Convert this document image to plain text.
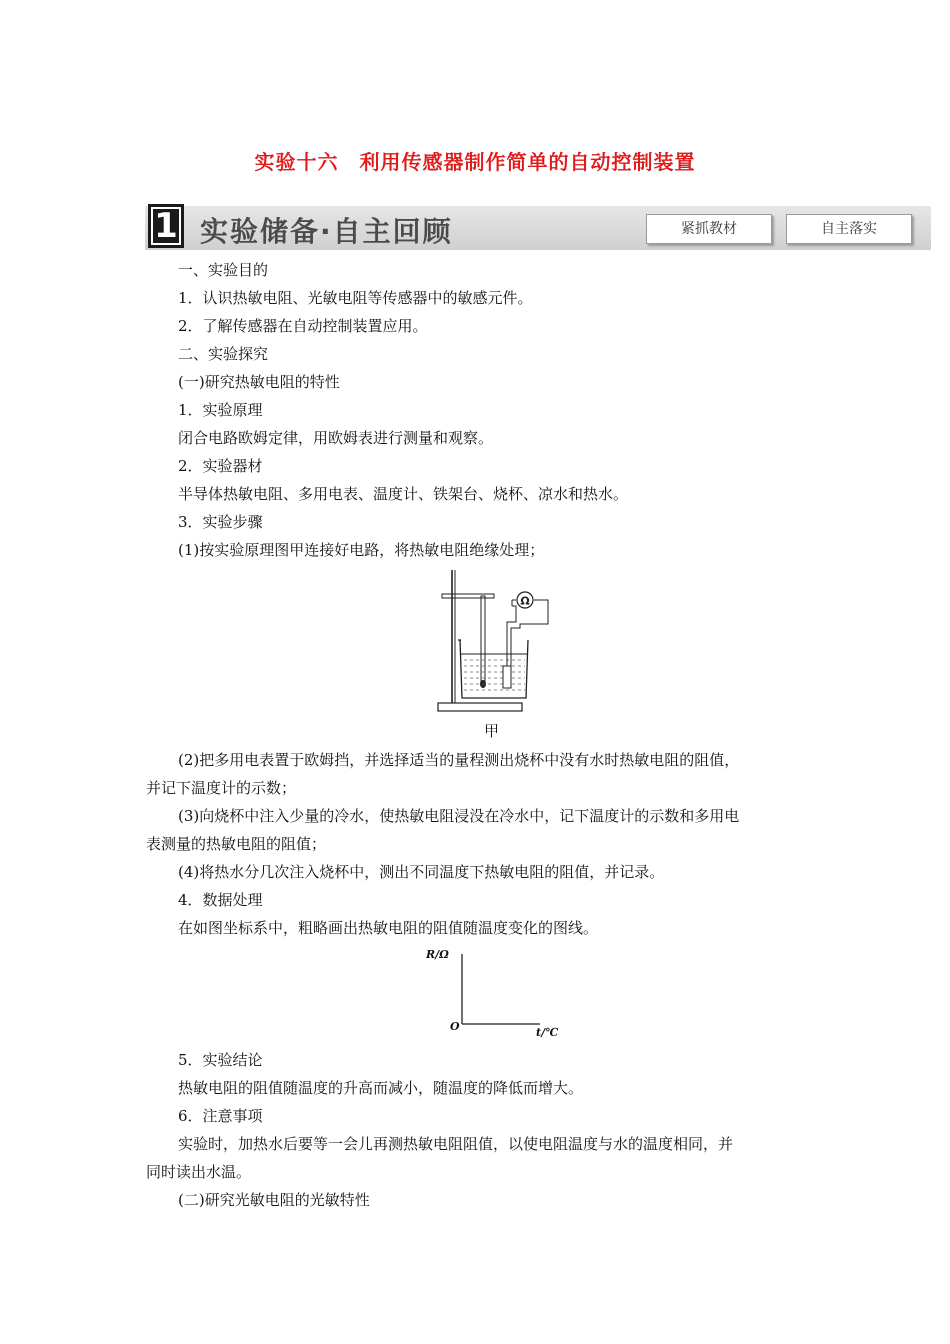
实验十六　利用传感器制作简单的自动控制装置
1 实验储备·自主回顾	紧抓教材	自主落实
一、实验目的
1．认识热敏电阻、光敏电阻等传感器中的敏感元件。
2．了解传感器在自动控制装置应用。
二、实验探究
(一)研究热敏电阻的特性
1．实验原理
闭合电路欧姆定律，用欧姆表进行测量和观察。
2．实验器材
半导体热敏电阻、多用电表、温度计、铁架台、烧杯、凉水和热水。
3．实验步骤
(1)按实验原理图甲连接好电路，将热敏电阻绝缘处理；
Ω
甲
(2)把多用电表置于欧姆挡，并选择适当的量程测出烧杯中没有水时热敏电阻的阻值，
并记下温度计的示数；
(3)向烧杯中注入少量的冷水，使热敏电阻浸没在冷水中，记下温度计的示数和多用电
表测量的热敏电阻的阻值；
(4)将热水分几次注入烧杯中，测出不同温度下热敏电阻的阻值，并记录。
4．数据处理
在如图坐标系中，粗略画出热敏电阻的阻值随温度变化的图线。
R/Ω
O	t/℃
5．实验结论
热敏电阻的阻值随温度的升高而减小，随温度的降低而增大。
6．注意事项
实验时，加热水后要等一会儿再测热敏电阻阻值，以使电阻温度与水的温度相同，并
同时读出水温。
(二)研究光敏电阻的光敏特性
